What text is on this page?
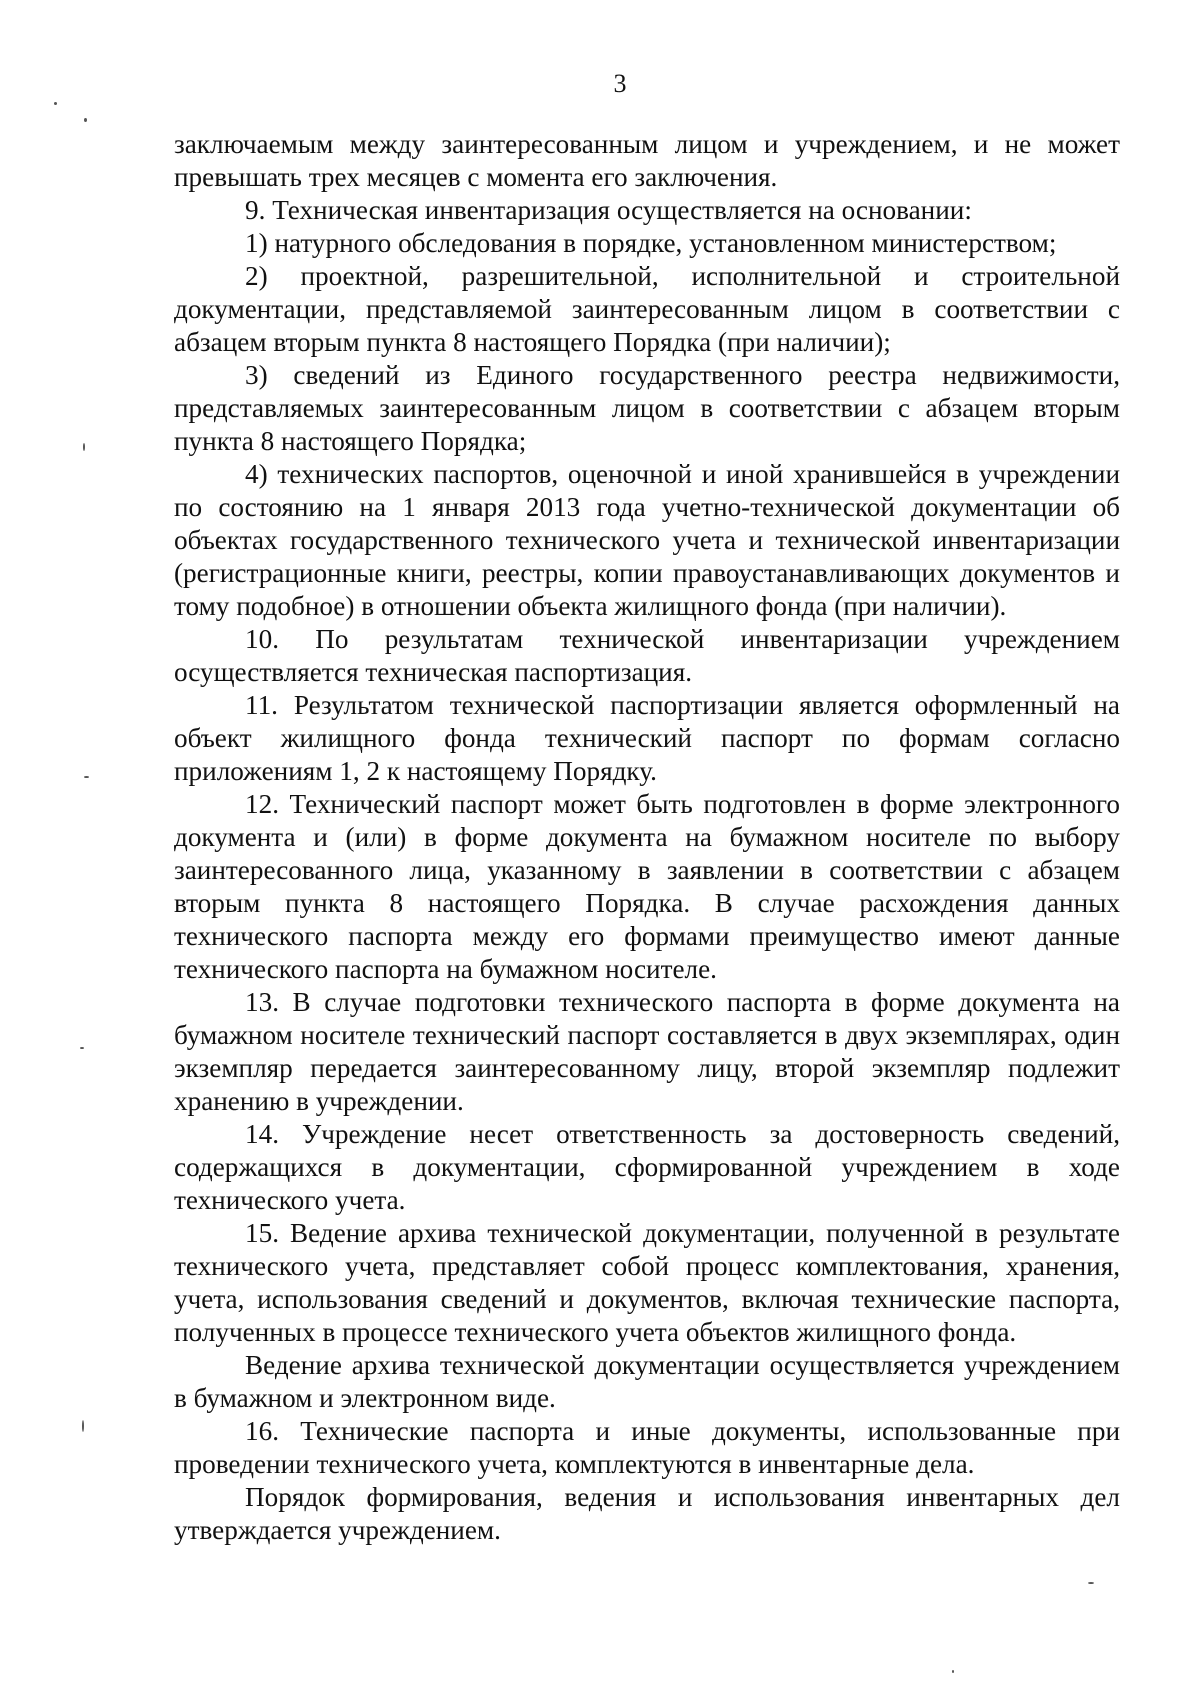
3

заключаемым между заинтересованным лицом и учреждением, и не может превышать трех месяцев с момента его заключения.

9. Техническая инвентаризация осуществляется на основании:

1) натурного обследования в порядке, установленном министерством;

2) проектной, разрешительной, исполнительной и строительной документации, представляемой заинтересованным лицом в соответствии с абзацем вторым пункта 8 настоящего Порядка (при наличии);

3) сведений из Единого государственного реестра недвижимости, представляемых заинтересованным лицом в соответствии с абзацем вторым пункта 8 настоящего Порядка;

4) технических паспортов, оценочной и иной хранившейся в учреждении по состоянию на 1 января 2013 года учетно-технической документации об объектах государственного технического учета и технической инвентаризации (регистрационные книги, реестры, копии правоустанавливающих документов и тому подобное) в отношении объекта жилищного фонда (при наличии).

10. По результатам технической инвентаризации учреждением осуществляется техническая паспортизация.

11. Результатом технической паспортизации является оформленный на объект жилищного фонда технический паспорт по формам согласно приложениям 1, 2 к настоящему Порядку.

12. Технический паспорт может быть подготовлен в форме электронного документа и (или) в форме документа на бумажном носителе по выбору заинтересованного лица, указанному в заявлении в соответствии с абзацем вторым пункта 8 настоящего Порядка. В случае расхождения данных технического паспорта между его формами преимущество имеют данные технического паспорта на бумажном носителе.

13. В случае подготовки технического паспорта в форме документа на бумажном носителе технический паспорт составляется в двух экземплярах, один экземпляр передается заинтересованному лицу, второй экземпляр подлежит хранению в учреждении.

14. Учреждение несет ответственность за достоверность сведений, содержащихся в документации, сформированной учреждением в ходе технического учета.

15. Ведение архива технической документации, полученной в результате технического учета, представляет собой процесс комплектования, хранения, учета, использования сведений и документов, включая технические паспорта, полученных в процессе технического учета объектов жилищного фонда.

Ведение архива технической документации осуществляется учреждением в бумажном и электронном виде.

16. Технические паспорта и иные документы, использованные при проведении технического учета, комплектуются в инвентарные дела.

Порядок формирования, ведения и использования инвентарных дел утверждается учреждением.
